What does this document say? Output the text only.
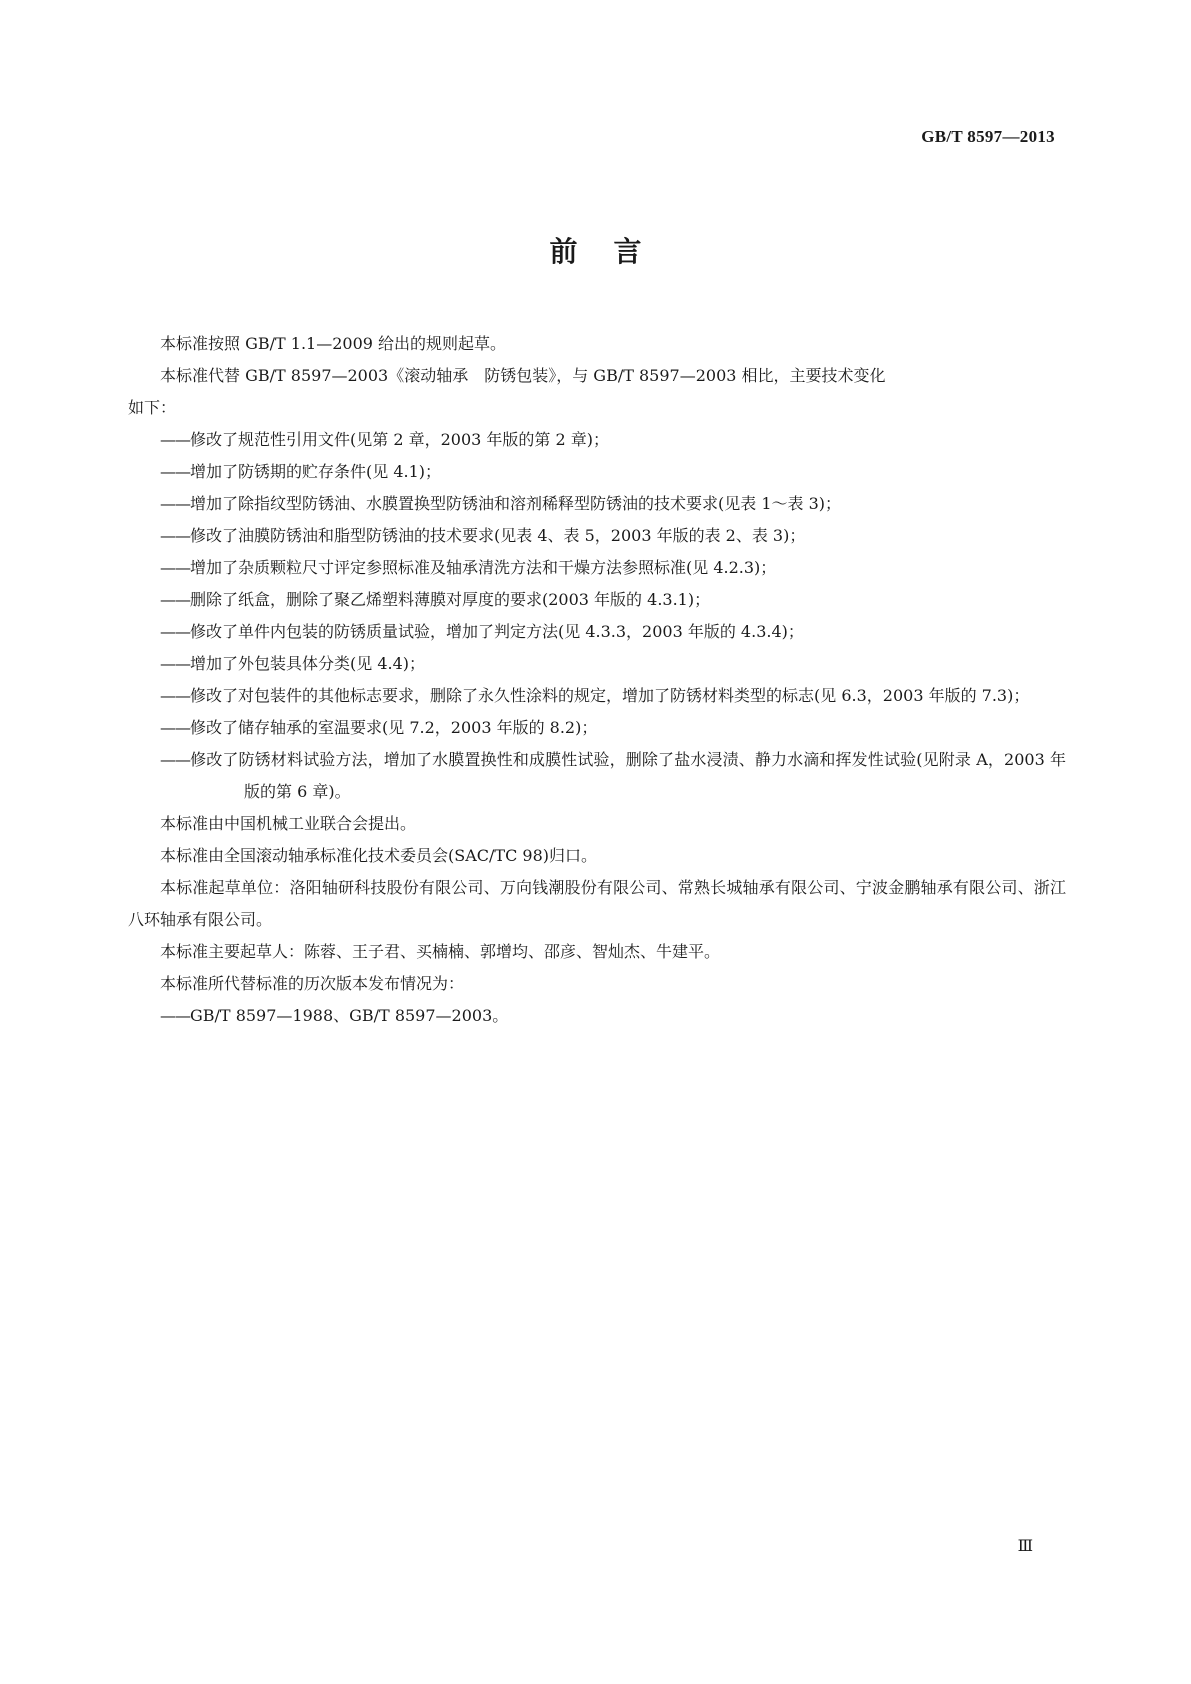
GB/T 8597—2013
前言

本标准按照 GB/T 1.1—2009 给出的规则起草。

本标准代替 GB/T 8597—2003《滚动轴承　防锈包装》，与 GB/T 8597—2003 相比，主要技术变化

如下：

——修改了规范性引用文件(见第 2 章，2003 年版的第 2 章)；

——增加了防锈期的贮存条件(见 4.1)；

——增加了除指纹型防锈油、水膜置换型防锈油和溶剂稀释型防锈油的技术要求(见表 1～表 3)；

——修改了油膜防锈油和脂型防锈油的技术要求(见表 4、表 5，2003 年版的表 2、表 3)；

——增加了杂质颗粒尺寸评定参照标准及轴承清洗方法和干燥方法参照标准(见 4.2.3)；

——删除了纸盒，删除了聚乙烯塑料薄膜对厚度的要求(2003 年版的 4.3.1)；

——修改了单件内包装的防锈质量试验，增加了判定方法(见 4.3.3，2003 年版的 4.3.4)；

——增加了外包装具体分类(见 4.4)；

——修改了对包装件的其他标志要求，删除了永久性涂料的规定，增加了防锈材料类型的标志(见 6.3，2003 年版的 7.3)；

——修改了储存轴承的室温要求(见 7.2，2003 年版的 8.2)；

——修改了防锈材料试验方法，增加了水膜置换性和成膜性试验，删除了盐水浸渍、静力水滴和挥发性试验(见附录 A，2003 年版的第 6 章)。

本标准由中国机械工业联合会提出。

本标准由全国滚动轴承标准化技术委员会(SAC/TC 98)归口。

本标准起草单位：洛阳轴研科技股份有限公司、万向钱潮股份有限公司、常熟长城轴承有限公司、宁波金鹏轴承有限公司、浙江八环轴承有限公司。

本标准主要起草人：陈蓉、王子君、买楠楠、郭增均、邵彦、智灿杰、牛建平。

本标准所代替标准的历次版本发布情况为：

——GB/T 8597—1988、GB/T 8597—2003。

Ⅲ
